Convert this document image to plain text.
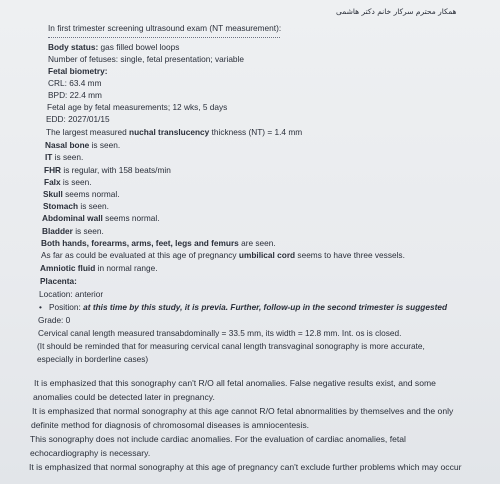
همکار محترم سرکار خانم دکتر هاشمی
In first trimester screening ultrasound exam (NT measurement):
Body status: gas filled bowel loops
Number of fetuses: single, fetal presentation; variable
Fetal biometry:
CRL: 63.4 mm
BPD: 22.4 mm
Fetal age by fetal measurements; 12 wks, 5 days
EDD: 2027/01/15
The largest measured nuchal translucency thickness (NT) = 1.4 mm
Nasal bone is seen.
IT is seen.
FHR is regular, with 158 beats/min
Falx is seen.
Skull seems normal.
Stomach is seen.
Abdominal wall seems normal.
Bladder is seen.
Both hands, forearms, arms, feet, legs and femurs are seen.
As far as could be evaluated at this age of pregnancy umbilical cord seems to have three vessels.
Amniotic fluid in normal range.
Placenta:
Location: anterior
• Position: at this time by this study, it is previa. Further, follow-up in the second trimester is suggested
Grade: 0
Cervical canal length measured transabdominally = 33.5 mm, its width = 12.8 mm. Int. os is closed.
(It should be reminded that for measuring cervical canal length transvaginal sonography is more accurate,
especially in borderline cases)
It is emphasized that this sonography can't R/O all fetal anomalies. False negative results exist, and some
anomalies could be detected later in pregnancy.
It is emphasized that normal sonography at this age cannot R/O fetal abnormalities by themselves and the only
definite method for diagnosis of chromosomal diseases is amniocentesis.
This sonography does not include cardiac anomalies. For the evaluation of cardiac anomalies, fetal
echocardiography is necessary.
It is emphasized that normal sonography at this age of pregnancy can't exclude further problems which may occur
